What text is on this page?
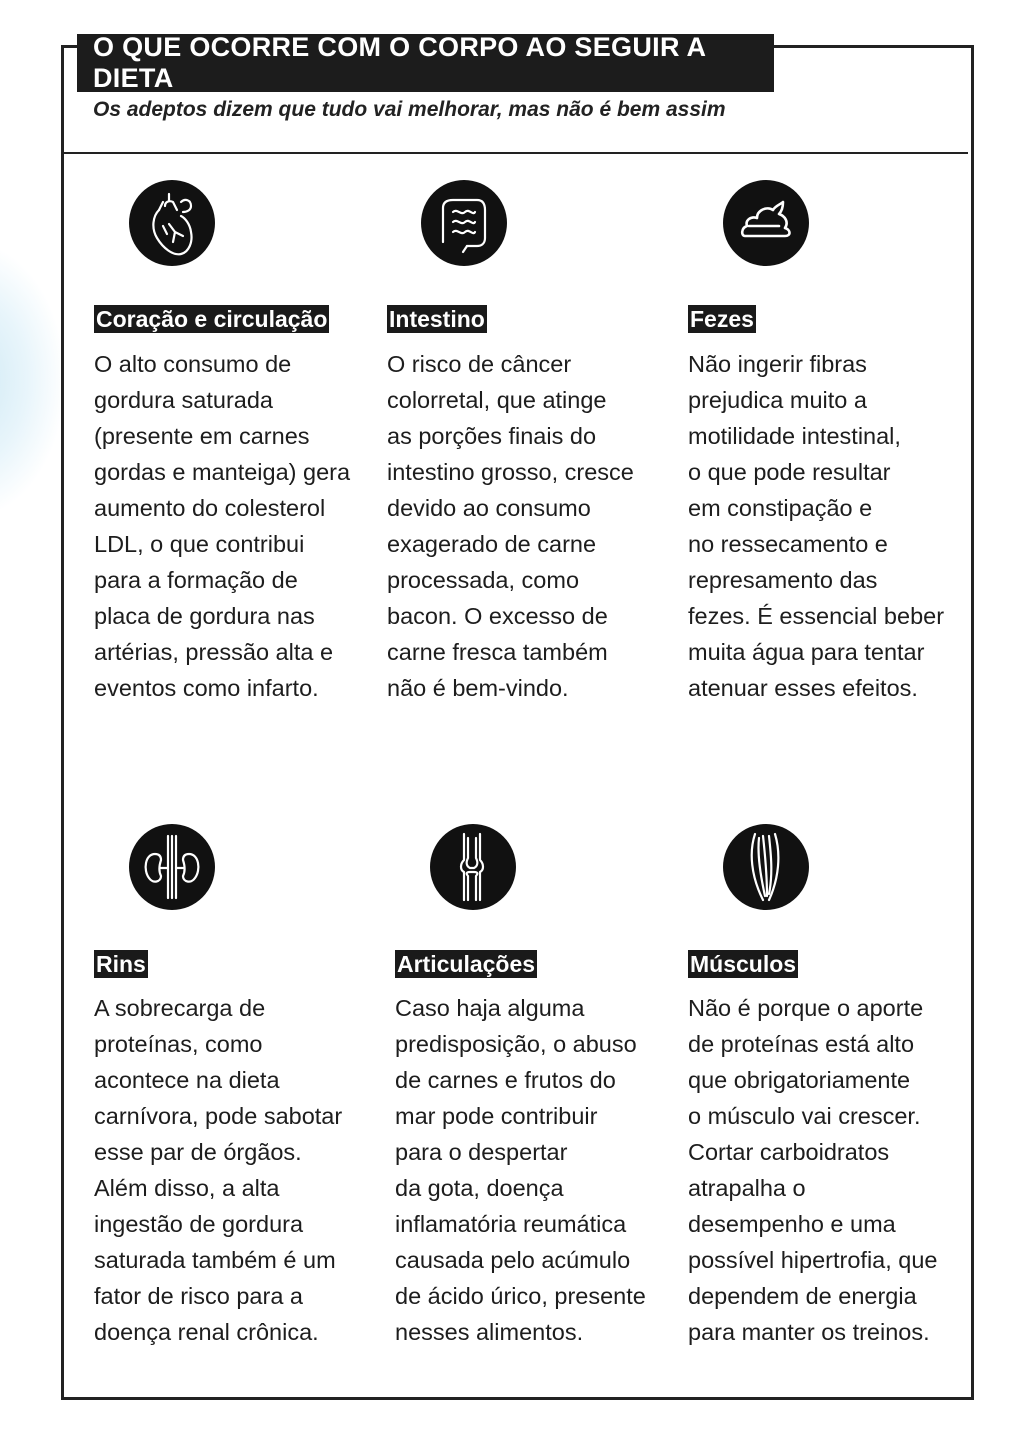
O QUE OCORRE COM O CORPO AO SEGUIR A DIETA
Os adeptos dizem que tudo vai melhorar, mas não é bem assim
Coração e circulação
O alto consumo de
gordura saturada
(presente em carnes
gordas e manteiga) gera
aumento do colesterol
LDL, o que contribui
para a formação de
placa de gordura nas
artérias, pressão alta e
eventos como infarto.
Intestino
O risco de câncer
colorretal, que atinge
as porções finais do
intestino grosso, cresce
devido ao consumo
exagerado de carne
processada, como
bacon. O excesso de
carne fresca também
não é bem-vindo.
Fezes
Não ingerir fibras
prejudica muito a
motilidade intestinal,
o que pode resultar
em constipação e
no ressecamento e
represamento das
fezes. É essencial beber
muita água para tentar
atenuar esses efeitos.
Rins
A sobrecarga de
proteínas, como
acontece na dieta
carnívora, pode sabotar
esse par de órgãos.
Além disso, a alta
ingestão de gordura
saturada também é um
fator de risco para a
doença renal crônica.
Articulações
Caso haja alguma
predisposição, o abuso
de carnes e frutos do
mar pode contribuir
para o despertar
da gota, doença
inflamatória reumática
causada pelo acúmulo
de ácido úrico, presente
nesses alimentos.
Músculos
Não é porque o aporte
de proteínas está alto
que obrigatoriamente
o músculo vai crescer.
Cortar carboidratos
atrapalha o
desempenho e uma
possível hipertrofia, que
dependem de energia
para manter os treinos.
